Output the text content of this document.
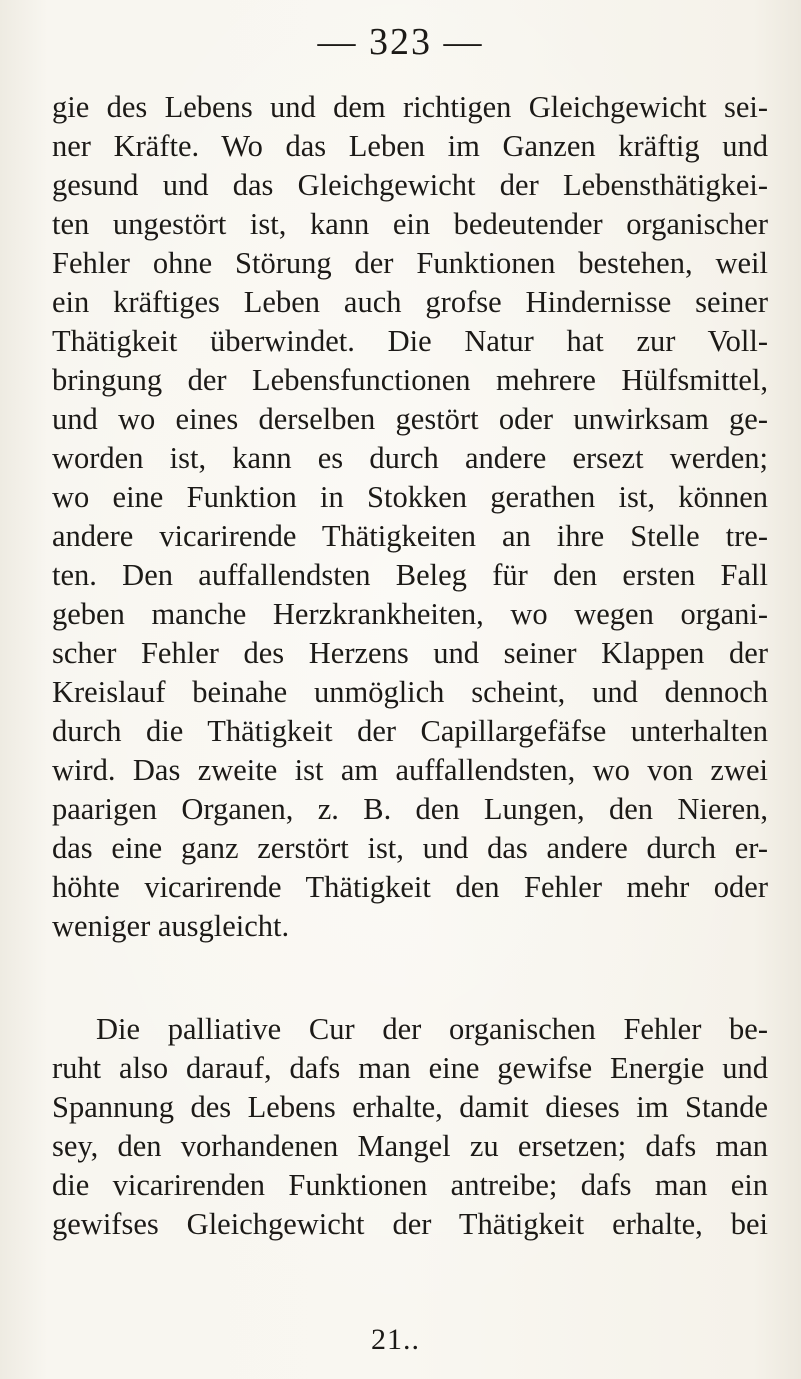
— 323 —
gie des Lebens und dem richtigen Gleichgewicht sei-
ner Kräfte. Wo das Leben im Ganzen kräftig und
gesund und das Gleichgewicht der Lebensthätigkei-
ten ungestört ist, kann ein bedeutender organischer
Fehler ohne Störung der Funktionen bestehen, weil
ein kräftiges Leben auch grofse Hindernisse seiner
Thätigkeit überwindet. Die Natur hat zur Voll-
bringung der Lebensfunctionen mehrere Hülfsmittel,
und wo eines derselben gestört oder unwirksam ge-
worden ist, kann es durch andere ersezt werden;
wo eine Funktion in Stokken gerathen ist, können
andere vicarirende Thätigkeiten an ihre Stelle tre-
ten. Den auffallendsten Beleg für den ersten Fall
geben manche Herzkrankheiten, wo wegen organi-
scher Fehler des Herzens und seiner Klappen der
Kreislauf beinahe unmöglich scheint, und dennoch
durch die Thätigkeit der Capillargefäfse unterhalten
wird. Das zweite ist am auffallendsten, wo von zwei
paarigen Organen, z. B. den Lungen, den Nieren,
das eine ganz zerstört ist, und das andere durch er-
höhte vicarirende Thätigkeit den Fehler mehr oder
weniger ausgleicht.
Die palliative Cur der organischen Fehler be-
ruht also darauf, dafs man eine gewifse Energie und
Spannung des Lebens erhalte, damit dieses im Stande
sey, den vorhandenen Mangel zu ersetzen; dafs man
die vicarirenden Funktionen antreibe; dafs man ein
gewifses Gleichgewicht der Thätigkeit erhalte, bei
21..
